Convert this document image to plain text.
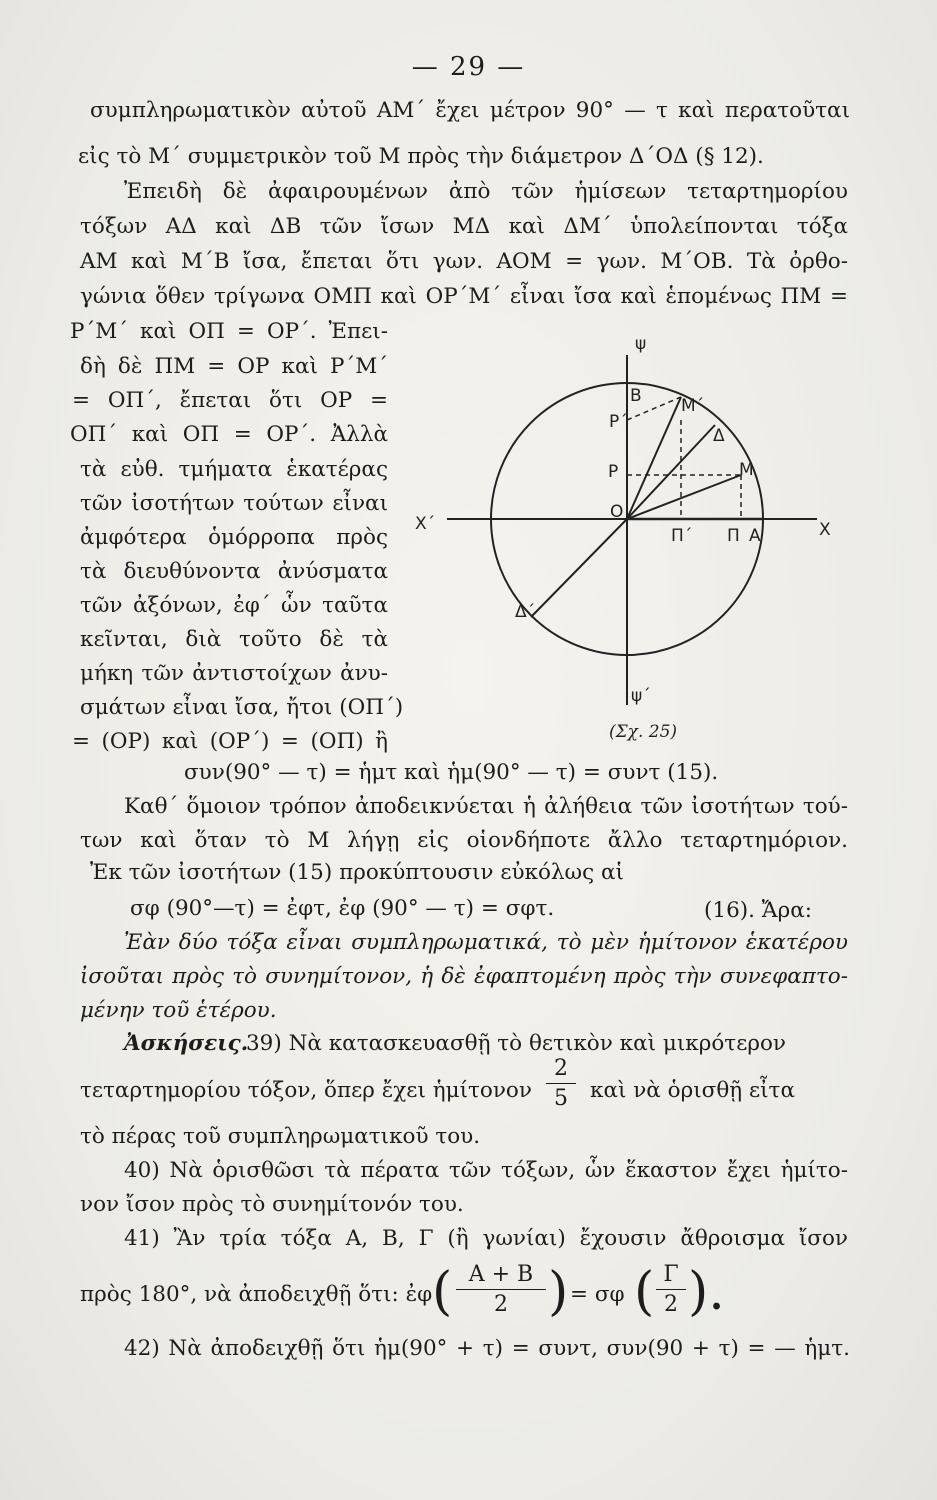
— 29 —
συμπληρωματικὸν αὐτοῦ ΑΜ΄ ἔχει μέτρον 90° — τ καὶ περατοῦται
εἰς τὸ Μ΄ συμμετρικὸν τοῦ Μ πρὸς τὴν διάμετρον Δ΄ΟΔ (§ 12).
Ἐπειδὴ δὲ ἀφαιρουμένων ἀπὸ τῶν ἡμίσεων τεταρτημορίου
τόξων ΑΔ καὶ ΔΒ τῶν ἴσων ΜΔ καὶ ΔΜ΄ ὑπολείπονται τόξα
ΑΜ καὶ Μ΄Β ἴσα, ἔπεται ὅτι γων. ΑΟΜ = γων. Μ΄ΟΒ. Τὰ ὀρθο-
γώνια ὅθεν τρίγωνα ΟΜΠ καὶ ΟΡ΄Μ΄ εἶναι ἴσα καὶ ἑπομένως ΠΜ =
Ρ΄Μ΄ καὶ ΟΠ = ΟΡ΄. Ἐπει-
δὴ δὲ ΠΜ = ΟΡ καὶ Ρ΄Μ΄
= ΟΠ΄, ἔπεται ὅτι ΟΡ =
ΟΠ΄ καὶ ΟΠ = ΟΡ΄. Ἀλλὰ
τὰ εὐθ. τμήματα ἑκατέρας
τῶν ἰσοτήτων τούτων εἶναι
ἀμφότερα ὁμόρροπα πρὸς
τὰ διευθύνοντα ἀνύσματα
τῶν ἀξόνων, ἐφ΄ ὧν ταῦτα
κεῖνται, διὰ τοῦτο δὲ τὰ
μήκη τῶν ἀντιστοίχων ἀνυ-
σμάτων εἶναι ἴσα, ἤτοι (ΟΠ΄)
= (ΟΡ) καὶ (ΟΡ΄) = (ΟΠ) ἢ
ψ
ψ΄
Χ
Χ΄
Β Μ΄
Ρ΄
Δ
Ρ	Μ
Ο
Π΄ Π Α
Δ΄
(Σχ. 25)
συν(90° — τ) = ἡμτ καὶ ἡμ(90° — τ) = συντ (15).
Καθ΄ ὅμοιον τρόπον ἀποδεικνύεται ἡ ἀλήθεια τῶν ἰσοτήτων τού-
των καὶ ὅταν τὸ Μ λήγῃ εἰς οἱονδήποτε ἄλλο τεταρτημόριον.
Ἐκ τῶν ἰσοτήτων (15) προκύπτουσιν εὐκόλως αἱ
σφ (90°—τ) = ἐφτ, ἐφ (90° — τ) = σφτ.	(16). Ἄρα:
Ἐὰν δύο τόξα εἶναι συμπληρωματικά, τὸ μὲν ἡμίτονον ἑκατέρου
ἰσοῦται πρὸς τὸ συνημίτονον, ἡ δὲ ἐφαπτομένη πρὸς τὴν συνεφαπτο-
μένην τοῦ ἑτέρου.
Ἀσκήσεις.
39) Νὰ κατασκευασθῇ τὸ θετικὸν καὶ μικρότερον
τεταρτημορίου τόξον, ὅπερ ἔχει ἡμίτονον
2
5	καὶ νὰ ὁρισθῇ εἶτα
τὸ πέρας τοῦ συμπληρωματικοῦ του.
40) Νὰ ὁρισθῶσι τὰ πέρατα τῶν τόξων, ὧν ἕκαστον ἔχει ἡμίτο-
νον ἴσον πρὸς τὸ συνημίτονόν του.
41) Ἂν τρία τόξα Α, Β, Γ (ἢ γωνίαι) ἔχουσιν ἄθροισμα ἴσον
πρὸς 180°, νὰ ἀποδειχθῇ ὅτι: ἐφ ( Α + Β
2 ) = σφ ( Γ
2 ).
42) Νὰ ἀποδειχθῇ ὅτι ἡμ(90° + τ) = συντ, συν(90 + τ) = — ἡμτ.
